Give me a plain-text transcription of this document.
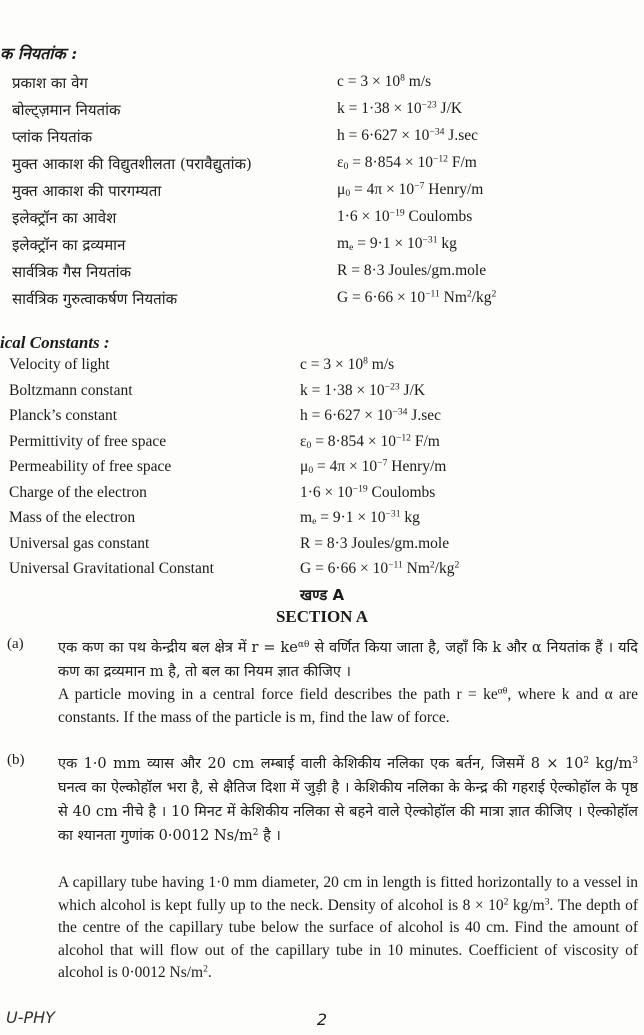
क नियतांक :
प्रकाश का वेग	$c = 3 \times 10^8$ m/s
बोल्ट्ज़मान नियतांक	$k = 1\cdot 38 \times 10^{-23}$ J/K
प्लांक नियतांक	$h = 6\cdot 627 \times 10^{-34}$ J.sec
मुक्त आकाश की विद्युतशीलता (परावैद्युतांक)	$\varepsilon_0 = 8\cdot 854 \times 10^{-12}$ F/m
मुक्त आकाश की पारगम्यता	$\mu_0 = 4\pi \times 10^{-7}$ Henry/m
इलेक्ट्रॉन का आवेश	$1\cdot 6 \times 10^{-19}$ Coulombs
इलेक्ट्रॉन का द्रव्यमान	$m_e = 9\cdot 1 \times 10^{-31}$ kg
सार्वत्रिक गैस नियतांक	R = 8·3 Joules/gm.mole
सार्वत्रिक गुरुत्वाकर्षण नियतांक	$G = 6\cdot 66 \times 10^{-11}$ $Nm^2/kg^2$
ical Constants :
Velocity of light	$c = 3 \times 10^8$ m/s
Boltzmann constant	$k = 1\cdot 38 \times 10^{-23}$ J/K
Planck’s constant	$h = 6\cdot 627 \times 10^{-34}$ J.sec
Permittivity of free space	$\varepsilon_0 = 8\cdot 854 \times 10^{-12}$ F/m
Permeability of free space	$\mu_0 = 4\pi \times 10^{-7}$ Henry/m
Charge of the electron	$1\cdot 6 \times 10^{-19}$ Coulombs
Mass of the electron	$m_e = 9\cdot 1 \times 10^{-31}$ kg
Universal gas constant	R = 8·3 Joules/gm.mole
Universal Gravitational Constant	$G = 6\cdot 66 \times 10^{-11}$ $Nm^2/kg^2$
खण्ड A
SECTION A
(a) एक कण का पथ केन्द्रीय बल क्षेत्र में $r = ke^{\alpha\theta}$ से वर्णित किया जाता है, जहाँ कि k और α नियतांक हैं । यदि कण का द्रव्यमान m है, तो बल का नियम ज्ञात कीजिए ।
A particle moving in a central force field describes the path $r = ke^{\alpha\theta}$, where k and α are constants. If the mass of the particle is m, find the law of force.
(b) एक 1·0 mm व्यास और 20 cm लम्बाई वाली केशिकीय नलिका एक बर्तन, जिसमें $8 \times 10^2$ $kg/m^3$ घनत्व का ऐल्कोहॉल भरा है, से क्षैतिज दिशा में जुड़ी है । केशिकीय नलिका के केन्द्र की गहराई ऐल्कोहॉल के पृष्ठ से 40 cm नीचे है । 10 मिनट में केशिकीय नलिका से बहने वाले ऐल्कोहॉल की मात्रा ज्ञात कीजिए । ऐल्कोहॉल का श्यानता गुणांक 0·0012 $Ns/m^2$ है ।
A capillary tube having 1·0 mm diameter, 20 cm in length is fitted horizontally to a vessel in which alcohol is kept fully up to the neck. Density of alcohol is $8 \times 10^2$ $kg/m^3$. The depth of the centre of the capillary tube below the surface of alcohol is 40 cm. Find the amount of alcohol that will flow out of the capillary tube in 10 minutes. Coefficient of viscosity of alcohol is 0·0012 $Ns/m^2$.
U-PHY	2
